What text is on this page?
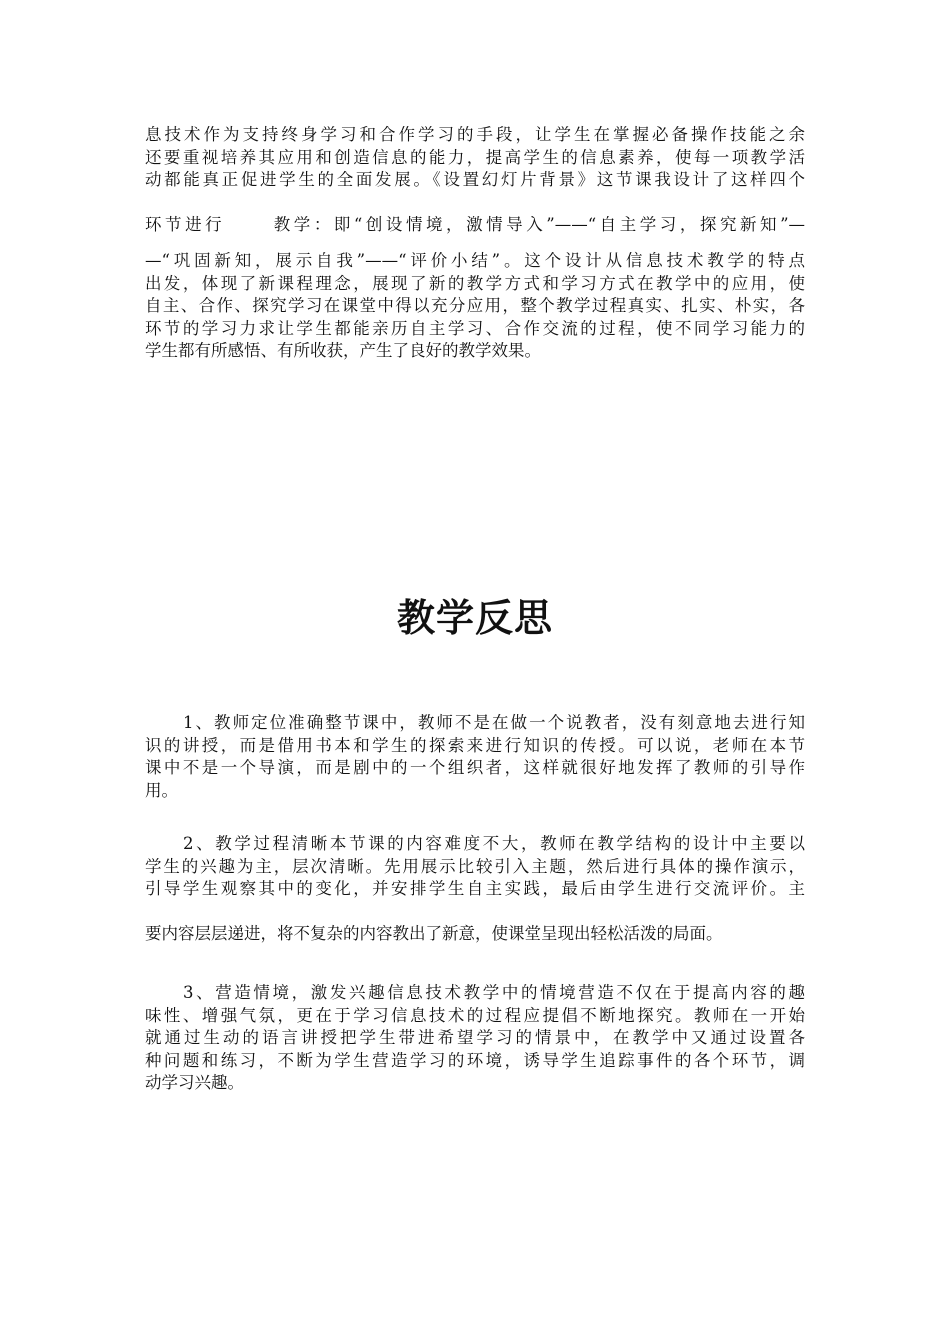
息技术作为支持终身学习和合作学习的手段，让学生在掌握必备操作技能之余
还要重视培养其应用和创造信息的能力，提高学生的信息素养，使每一项教学活
动都能真正促进学生的全面发展。《设置幻灯片背景》这节课我设计了这样四个
环节进行	教学：即“创设情境，激情导入”——“自主学习，探究新知”—
—“巩固新知，展示自我”——“评价小结”。这个设计从信息技术教学的特点
出发，体现了新课程理念，展现了新的教学方式和学习方式在教学中的应用，使
自主、合作、探究学习在课堂中得以充分应用，整个教学过程真实、扎实、朴实，各
环节的学习力求让学生都能亲历自主学习、合作交流的过程，使不同学习能力的
学生都有所感悟、有所收获，产生了良好的教学效果。
教学反思
1、教师定位准确整节课中，教师不是在做一个说教者，没有刻意地去进行知
识的讲授，而是借用书本和学生的探索来进行知识的传授。可以说，老师在本节
课中不是一个导演，而是剧中的一个组织者，这样就很好地发挥了教师的引导作
用。
2、教学过程清晰本节课的内容难度不大，教师在教学结构的设计中主要以
学生的兴趣为主，层次清晰。先用展示比较引入主题，然后进行具体的操作演示，
引导学生观察其中的变化，并安排学生自主实践，最后由学生进行交流评价。主
要内容层层递进，将不复杂的内容教出了新意，使课堂呈现出轻松活泼的局面。
3、营造情境，激发兴趣信息技术教学中的情境营造不仅在于提高内容的趣
味性、增强气氛，更在于学习信息技术的过程应提倡不断地探究。教师在一开始
就通过生动的语言讲授把学生带进希望学习的情景中，在教学中又通过设置各
种问题和练习，不断为学生营造学习的环境，诱导学生追踪事件的各个环节，调
动学习兴趣。
